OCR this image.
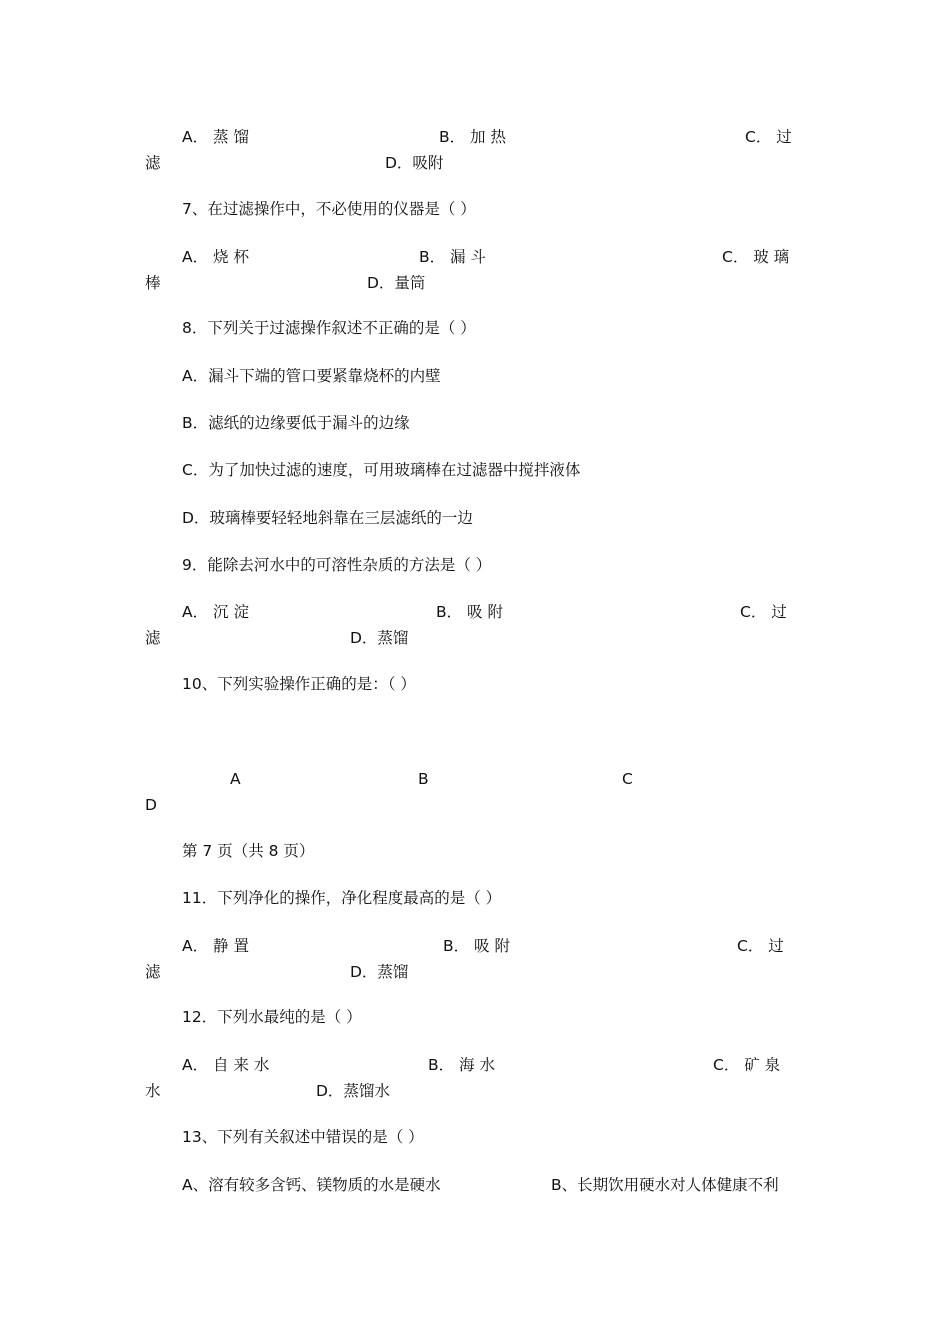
A． 蒸 馏	B． 加 热	C． 过
滤	D．吸附
7、在过滤操作中，不必使用的仪器是（ ）
A． 烧 杯	B． 漏 斗	C． 玻 璃
棒	D．量筒
8．下列关于过滤操作叙述不正确的是（ ）
A．漏斗下端的管口要紧靠烧杯的内壁
B．滤纸的边缘要低于漏斗的边缘
C．为了加快过滤的速度，可用玻璃棒在过滤器中搅拌液体
D．玻璃棒要轻轻地斜靠在三层滤纸的一边
9．能除去河水中的可溶性杂质的方法是（ ）
A． 沉 淀	B． 吸 附	C． 过
滤	D．蒸馏
10、下列实验操作正确的是：（ ）
A	B	C
D
第 7 页（共 8 页）
11．下列净化的操作，净化程度最高的是（ ）
A． 静 置	B． 吸 附	C． 过
滤	D．蒸馏
12．下列水最纯的是（ ）
A． 自 来 水	B． 海 水	C． 矿 泉
水	D．蒸馏水
13、下列有关叙述中错误的是（ ）
A、溶有较多含钙、镁物质的水是硬水	B、长期饮用硬水对人体健康不利
